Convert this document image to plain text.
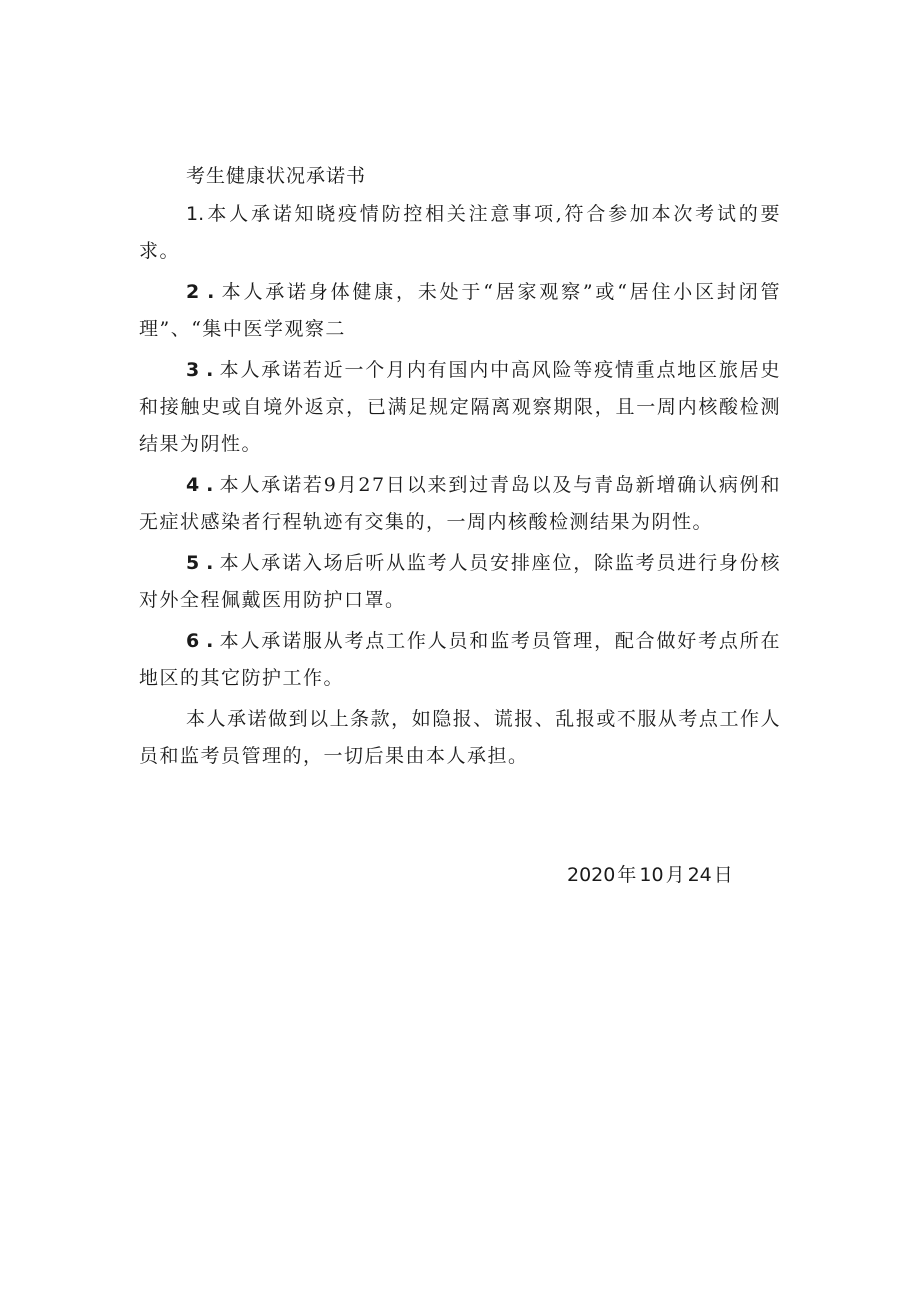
考生健康状况承诺书

1. 本人承诺知晓疫情防控相关注意事项,符合参加本次考试的要求。

2 . 本人承诺身体健康，未处于“居家观察”或“居住小区封闭管理”、“集中医学观察二

3 . 本人承诺若近一个月内有国内中高风险等疫情重点地区旅居史和接触史或自境外返京，已满足规定隔离观察期限，且一周内核酸检测结果为阴性。

4 . 本人承诺若9月27日以来到过青岛以及与青岛新增确认病例和无症状感染者行程轨迹有交集的，一周内核酸检测结果为阴性。

5 . 本人承诺入场后听从监考人员安排座位，除监考员进行身份核对外全程佩戴医用防护口罩。

6 . 本人承诺服从考点工作人员和监考员管理，配合做好考点所在地区的其它防护工作。

本人承诺做到以上条款，如隐报、谎报、乱报或不服从考点工作人员和监考员管理的，一切后果由本人承担。

2020 年 10 月 24 日
